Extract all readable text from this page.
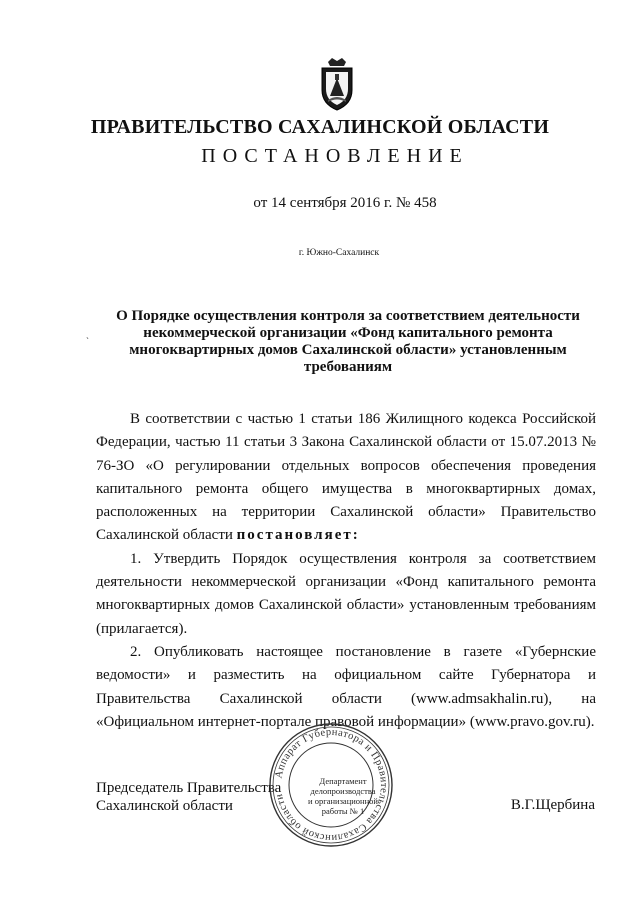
ПРАВИТЕЛЬСТВО САХАЛИНСКОЙ ОБЛАСТИ
ПОСТАНОВЛЕНИЕ
от 14 сентября 2016 г. № 458
г. Южно-Сахалинск
`
О Порядке осуществления контроля за соответствием деятельности некоммерческой организации «Фонд капитального ремонта многоквартирных домов Сахалинской области» установленным требованиям

В соответствии с частью 1 статьи 186 Жилищного кодекса Российской Федерации, частью 11 статьи 3 Закона Сахалинской области от 15.07.2013 № 76-ЗО «О регулировании отдельных вопросов обеспечения проведения капитального ремонта общего имущества в многоквартирных домах, расположенных на территории Сахалинской области» Правительство Сахалинской области постановляет:

1. Утвердить Порядок осуществления контроля за соответствием деятельности некоммерческой организации «Фонд капитального ремонта многоквартирных домов Сахалинской области» установленным требованиям (прилагается).

2. Опубликовать настоящее постановление в газете «Губернские ведомости» и разместить на официальном сайте Губернатора и Правительства Сахалинской области (www.admsakhalin.ru), на «Официальном интернет-портале правовой информации» (www.pravo.gov.ru).

Председатель Правительства
Сахалинской области	В.Г.Щербина
Аппарат Губернатора и Правительства Сахалинской области
Департамент
делопроизводства
и организационной
работы № 1
